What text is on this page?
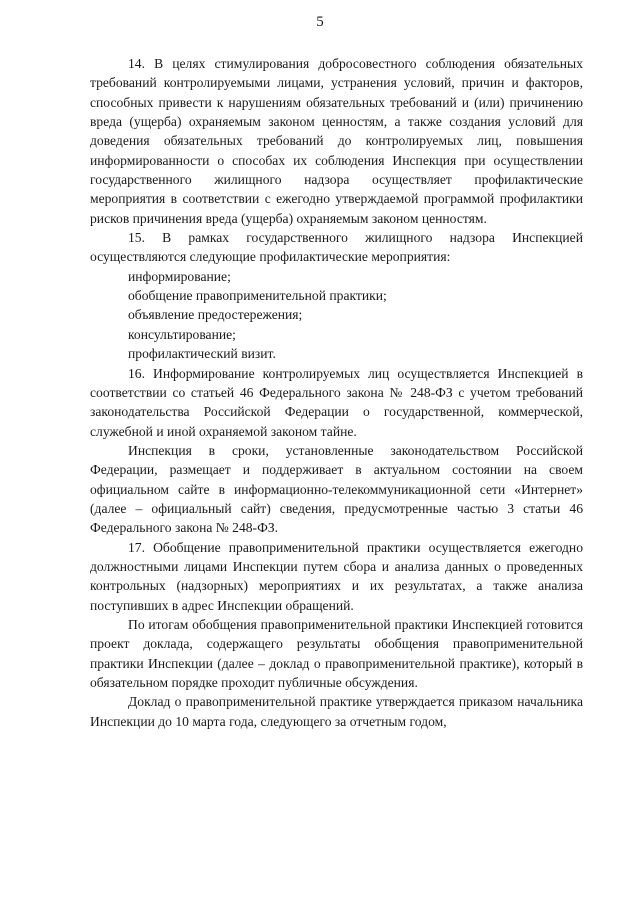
5

14. В целях стимулирования добросовестного соблюдения обязательных требований контролируемыми лицами, устранения условий, причин и факторов, способных привести к нарушениям обязательных требований и (или) причинению вреда (ущерба) охраняемым законом ценностям, а также создания условий для доведения обязательных требований до контролируемых лиц, повышения информированности о способах их соблюдения Инспекция при осуществлении государственного жилищного надзора осуществляет профилактические мероприятия в соответствии с ежегодно утверждаемой программой профилактики рисков причинения вреда (ущерба) охраняемым законом ценностям.

15. В рамках государственного жилищного надзора Инспекцией осуществляются следующие профилактические мероприятия:

информирование;

обобщение правоприменительной практики;

объявление предостережения;

консультирование;

профилактический визит.

16. Информирование контролируемых лиц осуществляется Инспекцией в соответствии со статьей 46 Федерального закона № 248-ФЗ с учетом требований законодательства Российской Федерации о государственной, коммерческой, служебной и иной охраняемой законом тайне.

Инспекция в сроки, установленные законодательством Российской Федерации, размещает и поддерживает в актуальном состоянии на своем официальном сайте в информационно-телекоммуникационной сети «Интернет» (далее – официальный сайт) сведения, предусмотренные частью 3 статьи 46 Федерального закона № 248-ФЗ.

17. Обобщение правоприменительной практики осуществляется ежегодно должностными лицами Инспекции путем сбора и анализа данных о проведенных контрольных (надзорных) мероприятиях и их результатах, а также анализа поступивших в адрес Инспекции обращений.

По итогам обобщения правоприменительной практики Инспекцией готовится проект доклада, содержащего результаты обобщения правоприменительной практики Инспекции (далее – доклад о правоприменительной практике), который в обязательном порядке проходит публичные обсуждения.

Доклад о правоприменительной практике утверждается приказом начальника Инспекции до 10 марта года, следующего за отчетным годом,
